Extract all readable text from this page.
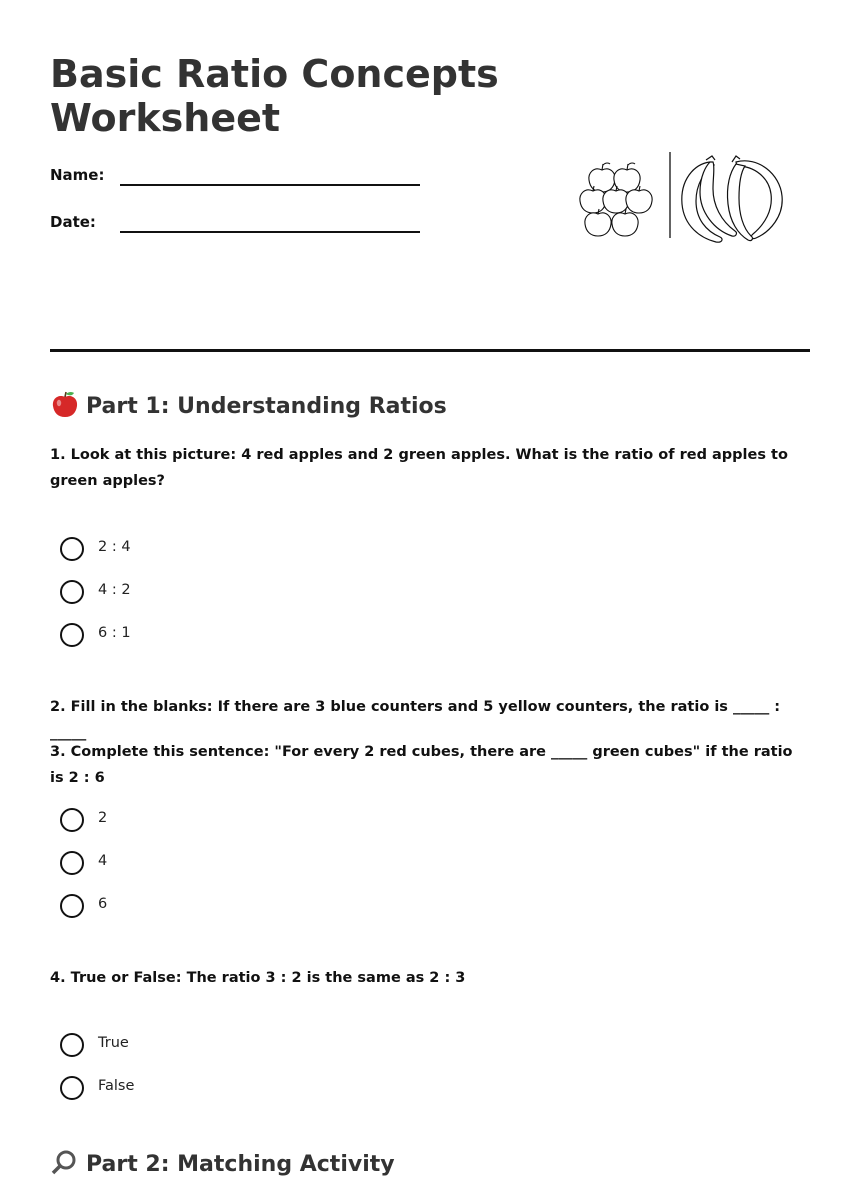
Basic Ratio Concepts Worksheet
Name:
Date:
Part 1: Understanding Ratios

1. Look at this picture: 4 red apples and 2 green apples. What is the ratio of red apples to green apples?

2 : 4
4 : 2
6 : 1

2. Fill in the blanks: If there are 3 blue counters and 5 yellow counters, the ratio is _____ : _____

3. Complete this sentence: "For every 2 red cubes, there are _____ green cubes" if the ratio is 2 : 6

2
4
6

4. True or False: The ratio 3 : 2 is the same as 2 : 3

True
False
Part 2: Matching Activity
